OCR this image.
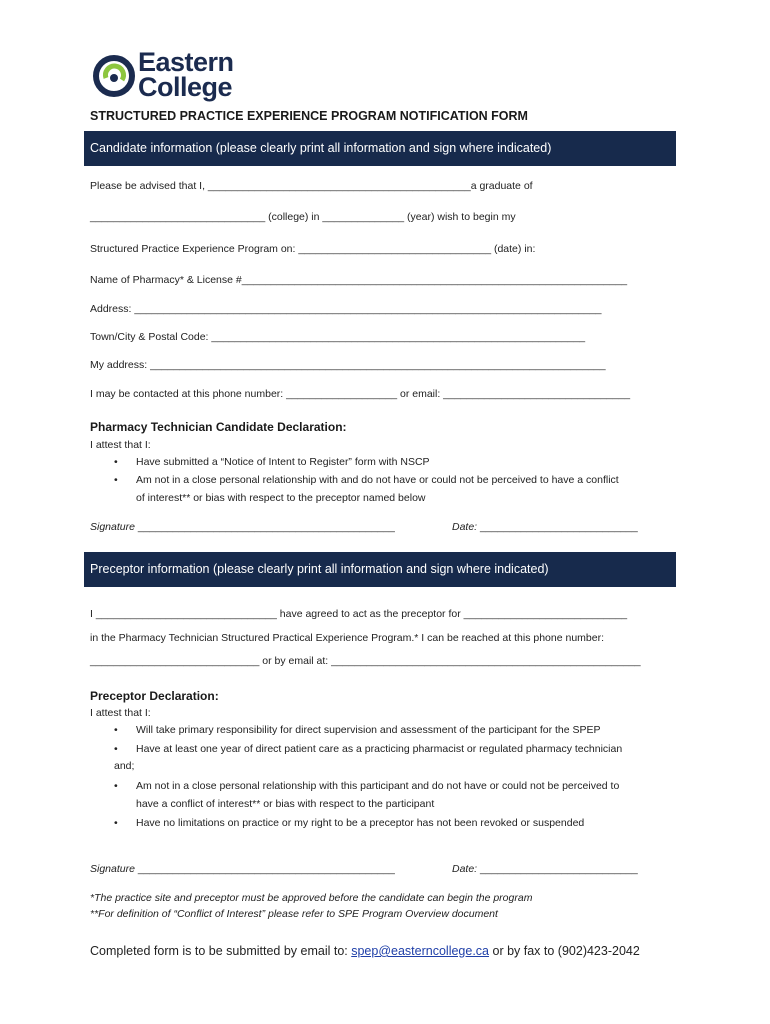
Eastern
College
STRUCTURED PRACTICE EXPERIENCE PROGRAM NOTIFICATION FORM
Candidate information (please clearly print all information and sign where indicated)
Please be advised that I, _____________________________________________a graduate of
______________________________ (college) in ______________ (year) wish to begin my
Structured Practice Experience Program on: _________________________________ (date) in:
Name of Pharmacy* & License #__________________________________________________________________
Address: ________________________________________________________________________________
Town/City & Postal Code: ________________________________________________________________
My address: ______________________________________________________________________________
I may be contacted at this phone number: ___________________ or email: ________________________________
Pharmacy Technician Candidate Declaration:
I attest that I:
• Have submitted a “Notice of Intent to Register” form with NSCP
• Am not in a close personal relationship with and do not have or could not be perceived to have a conflict
of interest** or bias with respect to the preceptor named below
Signature ____________________________________________	Date: ___________________________
Preceptor information (please clearly print all information and sign where indicated)
I _______________________________ have agreed to act as the preceptor for ____________________________
in the Pharmacy Technician Structured Practical Experience Program.* I can be reached at this phone number:
_____________________________ or by email at: _____________________________________________________
Preceptor Declaration:
I attest that I:
• Will take primary responsibility for direct supervision and assessment of the participant for the SPEP
• Have at least one year of direct patient care as a practicing pharmacist or regulated pharmacy technician
and;
• Am not in a close personal relationship with this participant and do not have or could not be perceived to
have a conflict of interest** or bias with respect to the participant
• Have no limitations on practice or my right to be a preceptor has not been revoked or suspended
Signature ____________________________________________	Date: ___________________________
*The practice site and preceptor must be approved before the candidate can begin the program
**For definition of “Conflict of Interest” please refer to SPE Program Overview document
Completed form is to be submitted by email to: spep@easterncollege.ca or by fax to (902)423-2042
